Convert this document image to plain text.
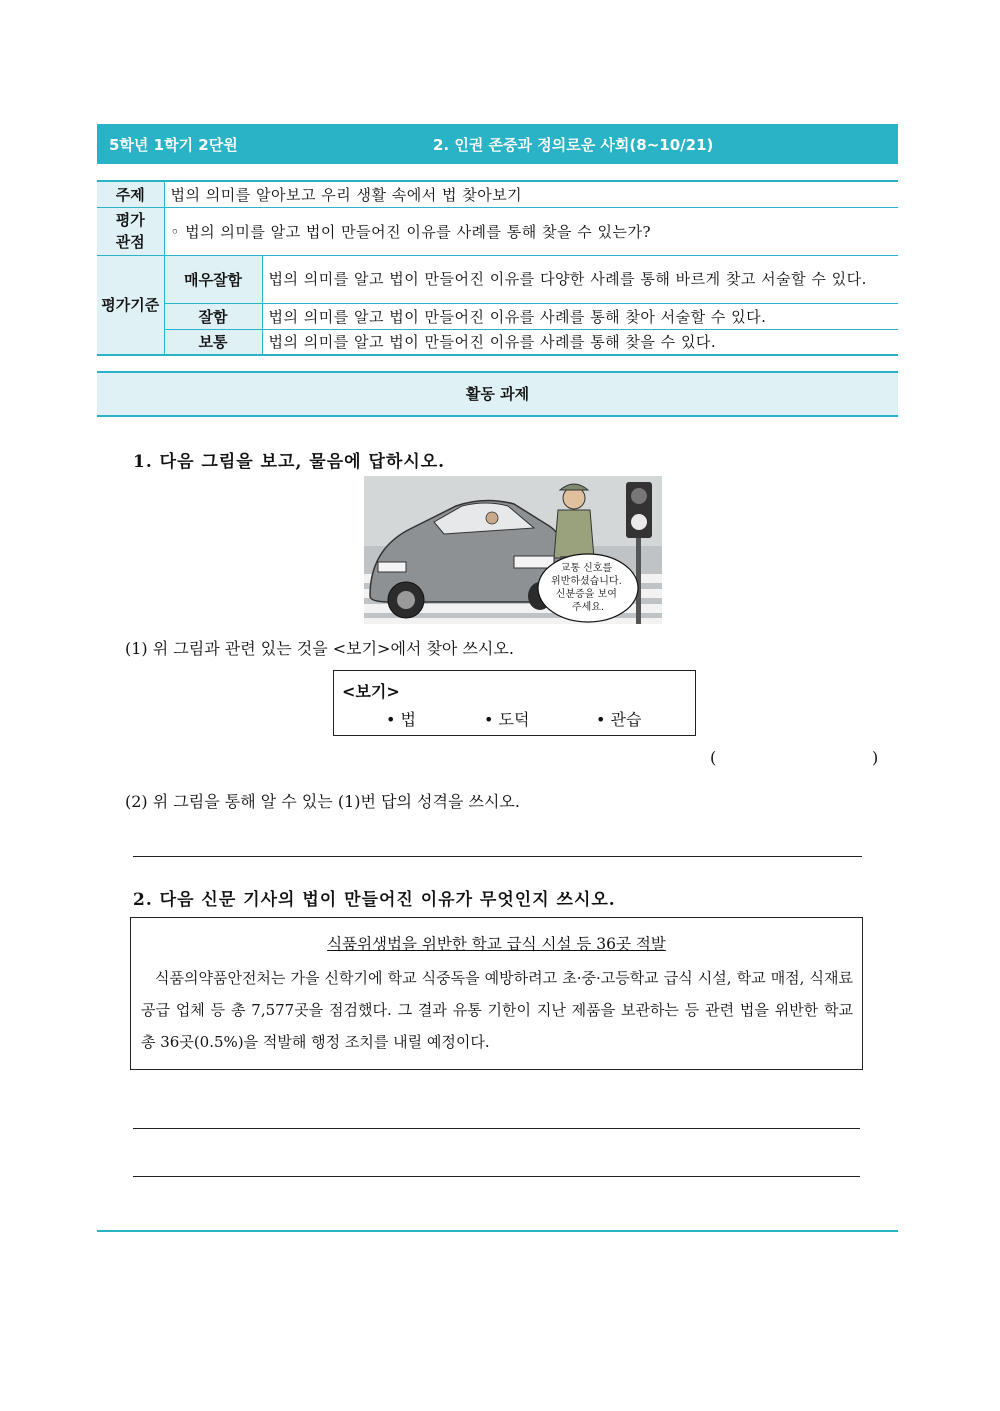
5학년 1학기 2단원	2. 인권 존중과 정의로운 사회(8~10/21)
주제	법의 의미를 알아보고 우리 생활 속에서 법 찾아보기	

평가
관점	◦ 법의 의미를 알고 법이 만들어진 이유를 사례를 통해 찾을 수 있는가?	
평가기준	매우잘함	법의 의미를 알고 법이 만들어진 이유를 다양한 사례를 통해 바르게 찾고 서술할 수 있다.
	잘함	법의 의미를 알고 법이 만들어진 이유를 사례를 통해 찾아 서술할 수 있다.
	보통	법의 의미를 알고 법이 만들어진 이유를 사례를 통해 찾을 수 있다.
활동 과제
1. 다음 그림을 보고, 물음에 답하시오.
교통 신호를 위반하셨습니다. 신분증을 보여 주세요.
(1) 위 그림과 관련 있는 것을 <보기>에서 찾아 쓰시오.
<보기>
• 법	• 도덕	• 관습
(	)
(2) 위 그림을 통해 알 수 있는 (1)번 답의 성격을 쓰시오.
2. 다음 신문 기사의 법이 만들어진 이유가 무엇인지 쓰시오.
식품위생법을 위반한 학교 급식 시설 등 36곳 적발
식품의약품안전처는 가을 신학기에 학교 식중독을 예방하려고 초·중·고등학교 급식 시설, 학교 매점, 식재료 공급 업체 등 총 7,577곳을 점검했다. 그 결과 유통 기한이 지난 제품을 보관하는 등 관련 법을 위반한 학교 총 36곳(0.5%)을 적발해 행정 조치를 내릴 예정이다.
